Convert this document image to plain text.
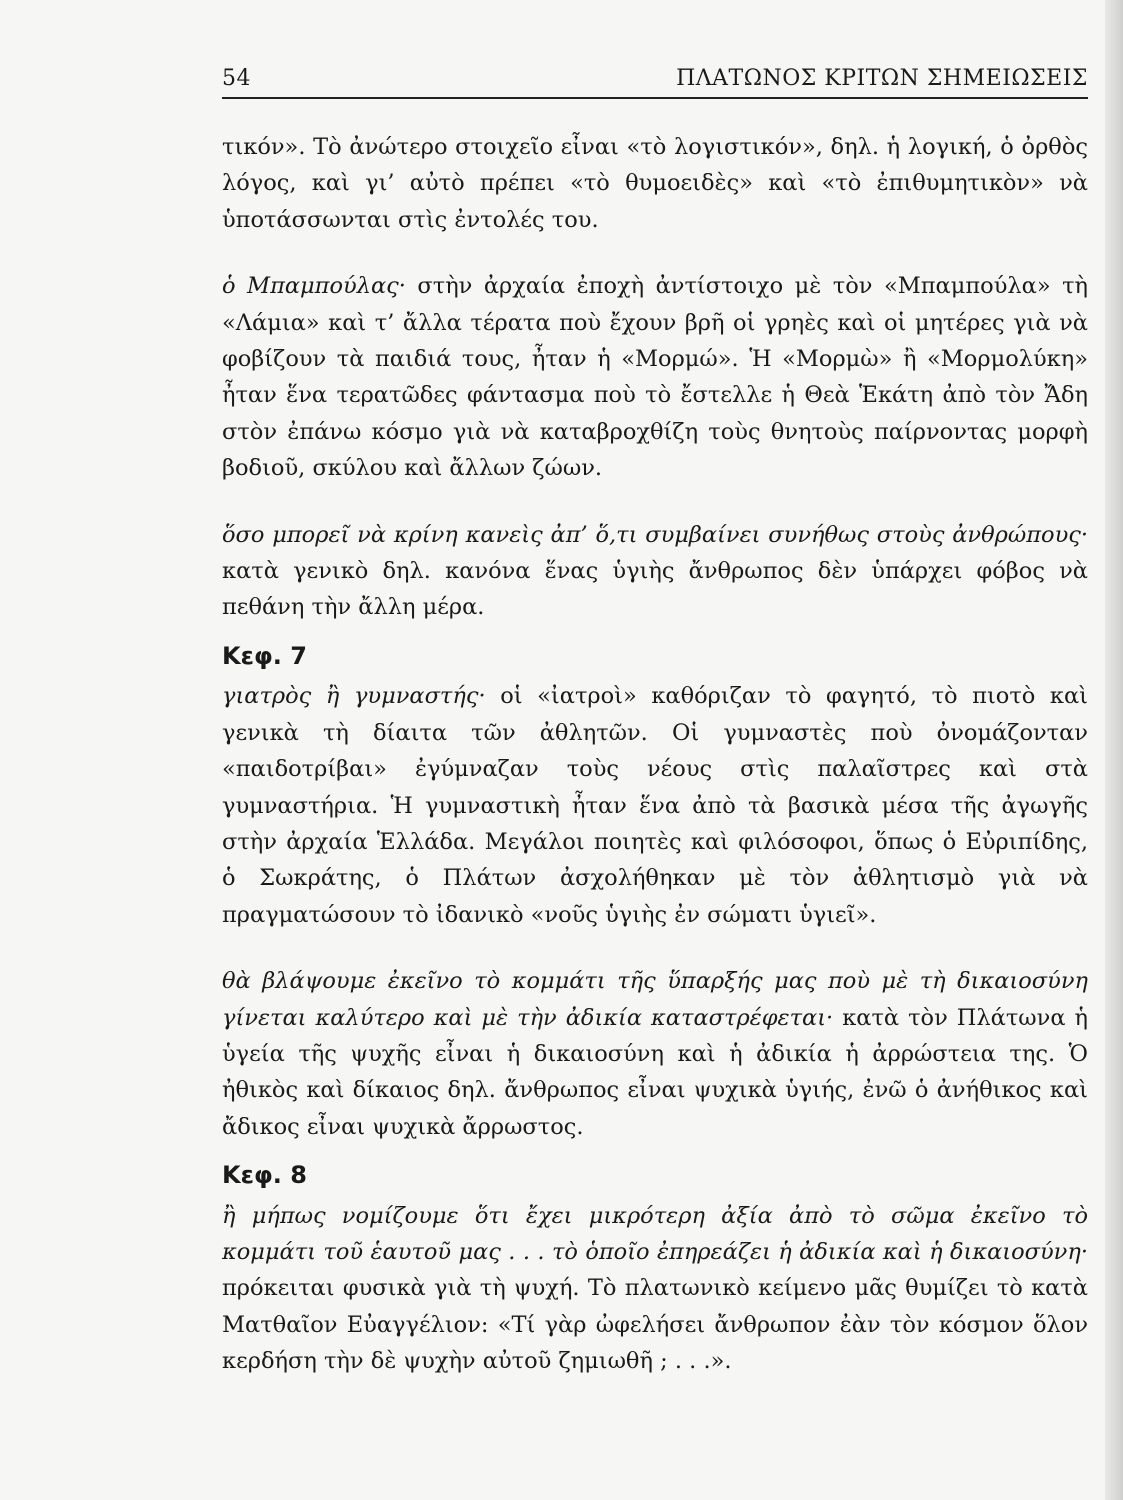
54	ΠΛΑΤΩΝΟΣ ΚΡΙΤΩΝ ΣΗΜΕΙΩΣΕΙΣ

τικόν». Τὸ ἀνώτερο στοιχεῖο εἶναι «τὸ λογιστικόν», δηλ. ἡ λογική, ὁ ὀρθὸς λόγος, καὶ γι’ αὐτὸ πρέπει «τὸ θυμοειδὲς» καὶ «τὸ ἐπιθυμητικὸν» νὰ ὑποτάσσωνται στὶς ἐντολές του.

ὁ Μπαμπούλας· στὴν ἀρχαία ἐποχὴ ἀντίστοιχο μὲ τὸν «Μπαμπούλα» τὴ «Λάμια» καὶ τ’ ἄλλα τέρατα ποὺ ἔχουν βρῆ οἱ γρηὲς καὶ οἱ μητέρες γιὰ νὰ φοβίζουν τὰ παιδιά τους, ἦταν ἡ «Μορμώ». Ἡ «Μορμὼ» ἢ «Μορμολύκη» ἦταν ἕνα τερατῶδες φάντασμα ποὺ τὸ ἔστελλε ἡ Θεὰ Ἑκάτη ἀπὸ τὸν Ἄδη στὸν ἐπάνω κόσμο γιὰ νὰ καταβροχθίζη τοὺς θνητοὺς παίρνοντας μορφὴ βοδιοῦ, σκύλου καὶ ἄλλων ζώων.

ὅσο μπορεῖ νὰ κρίνη κανεὶς ἀπ’ ὅ,τι συμβαίνει συνήθως στοὺς ἀνθρώπους· κατὰ γενικὸ δηλ. κανόνα ἕνας ὑγιὴς ἄνθρωπος δὲν ὑπάρχει φόβος νὰ πεθάνη τὴν ἄλλη μέρα.

Κεφ. 7

γιατρὸς ἢ γυμναστής· οἱ «ἰατροὶ» καθόριζαν τὸ φαγητό, τὸ πιοτὸ καὶ γενικὰ τὴ δίαιτα τῶν ἀθλητῶν. Οἱ γυμναστὲς ποὺ ὀνομάζονταν «παιδοτρίβαι» ἐγύμναζαν τοὺς νέους στὶς παλαῖστρες καὶ στὰ γυμναστήρια. Ἡ γυμναστικὴ ἦταν ἕνα ἀπὸ τὰ βασικὰ μέσα τῆς ἀγωγῆς στὴν ἀρχαία Ἑλλάδα. Μεγάλοι ποιητὲς καὶ φιλόσοφοι, ὅπως ὁ Εὐριπίδης, ὁ Σωκράτης, ὁ Πλάτων ἀσχολήθηκαν μὲ τὸν ἀθλητισμὸ γιὰ νὰ πραγματώσουν τὸ ἰδανικὸ «νοῦς ὑγιὴς ἐν σώματι ὑγιεῖ».

θὰ βλάψουμε ἐκεῖνο τὸ κομμάτι τῆς ὕπαρξής μας ποὺ μὲ τὴ δικαιοσύνη γίνεται καλύτερο καὶ μὲ τὴν ἀδικία καταστρέφεται· κατὰ τὸν Πλάτωνα ἡ ὑγεία τῆς ψυχῆς εἶναι ἡ δικαιοσύνη καὶ ἡ ἀδικία ἡ ἀρρώστεια της. Ὁ ἠθικὸς καὶ δίκαιος δηλ. ἄνθρωπος εἶναι ψυχικὰ ὑγιής, ἐνῶ ὁ ἀνήθικος καὶ ἄδικος εἶναι ψυχικὰ ἄρρωστος.

Κεφ. 8

ἢ μήπως νομίζουμε ὅτι ἔχει μικρότερη ἀξία ἀπὸ τὸ σῶμα ἐκεῖνο τὸ κομμάτι τοῦ ἑαυτοῦ μας . . . τὸ ὁποῖο ἐπηρεάζει ἡ ἀδικία καὶ ἡ δικαιοσύνη· πρόκειται φυσικὰ γιὰ τὴ ψυχή. Τὸ πλατωνικὸ κείμενο μᾶς θυμίζει τὸ κατὰ Ματθαῖον Εὐαγγέλιον: «Τί γὰρ ὠφελήσει ἄνθρωπον ἐὰν τὸν κόσμον ὅλον κερδήση τὴν δὲ ψυχὴν αὐτοῦ ζημιωθῆ ; . . .».
